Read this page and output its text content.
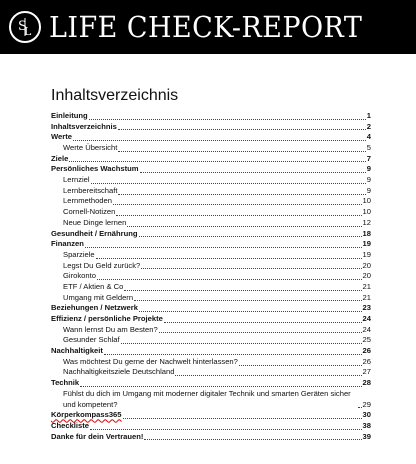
S
L LIFE CHECK-REPORT
Inhaltsverzeichnis
Einleitung	1
Inhaltsverzeichnis	2
Werte	4
Werte Übersicht	5
Ziele	7
Persönliches Wachstum	9
Lernziel	9
Lernbereitschaft	9
Lernmethoden	10
Cornell-Notizen	10
Neue Dinge lernen	12
Gesundheit / Ernährung	18
Finanzen	19
Sparziele	19
Legst Du Geld zurück?	20
Girokonto	20
ETF / Aktien & Co	21
Umgang mit Geldern	21
Beziehungen / Netzwerk	23
Effizienz / persönliche Projekte	24
Wann lernst Du am Besten?	24
Gesunder Schlaf	25
Nachhaltigkeit	26
Was möchtest Du gerne der Nachwelt hinterlassen?	26
Nachhaltigkeitsziele Deutschland	27
Technik	28
Fühlst du dich im Umgang mit moderner digitaler Technik und smarten Geräten sicher und kompetent?	29
Körperkompass365	30
Checkliste	38
Danke für dein Vertrauen!	39
